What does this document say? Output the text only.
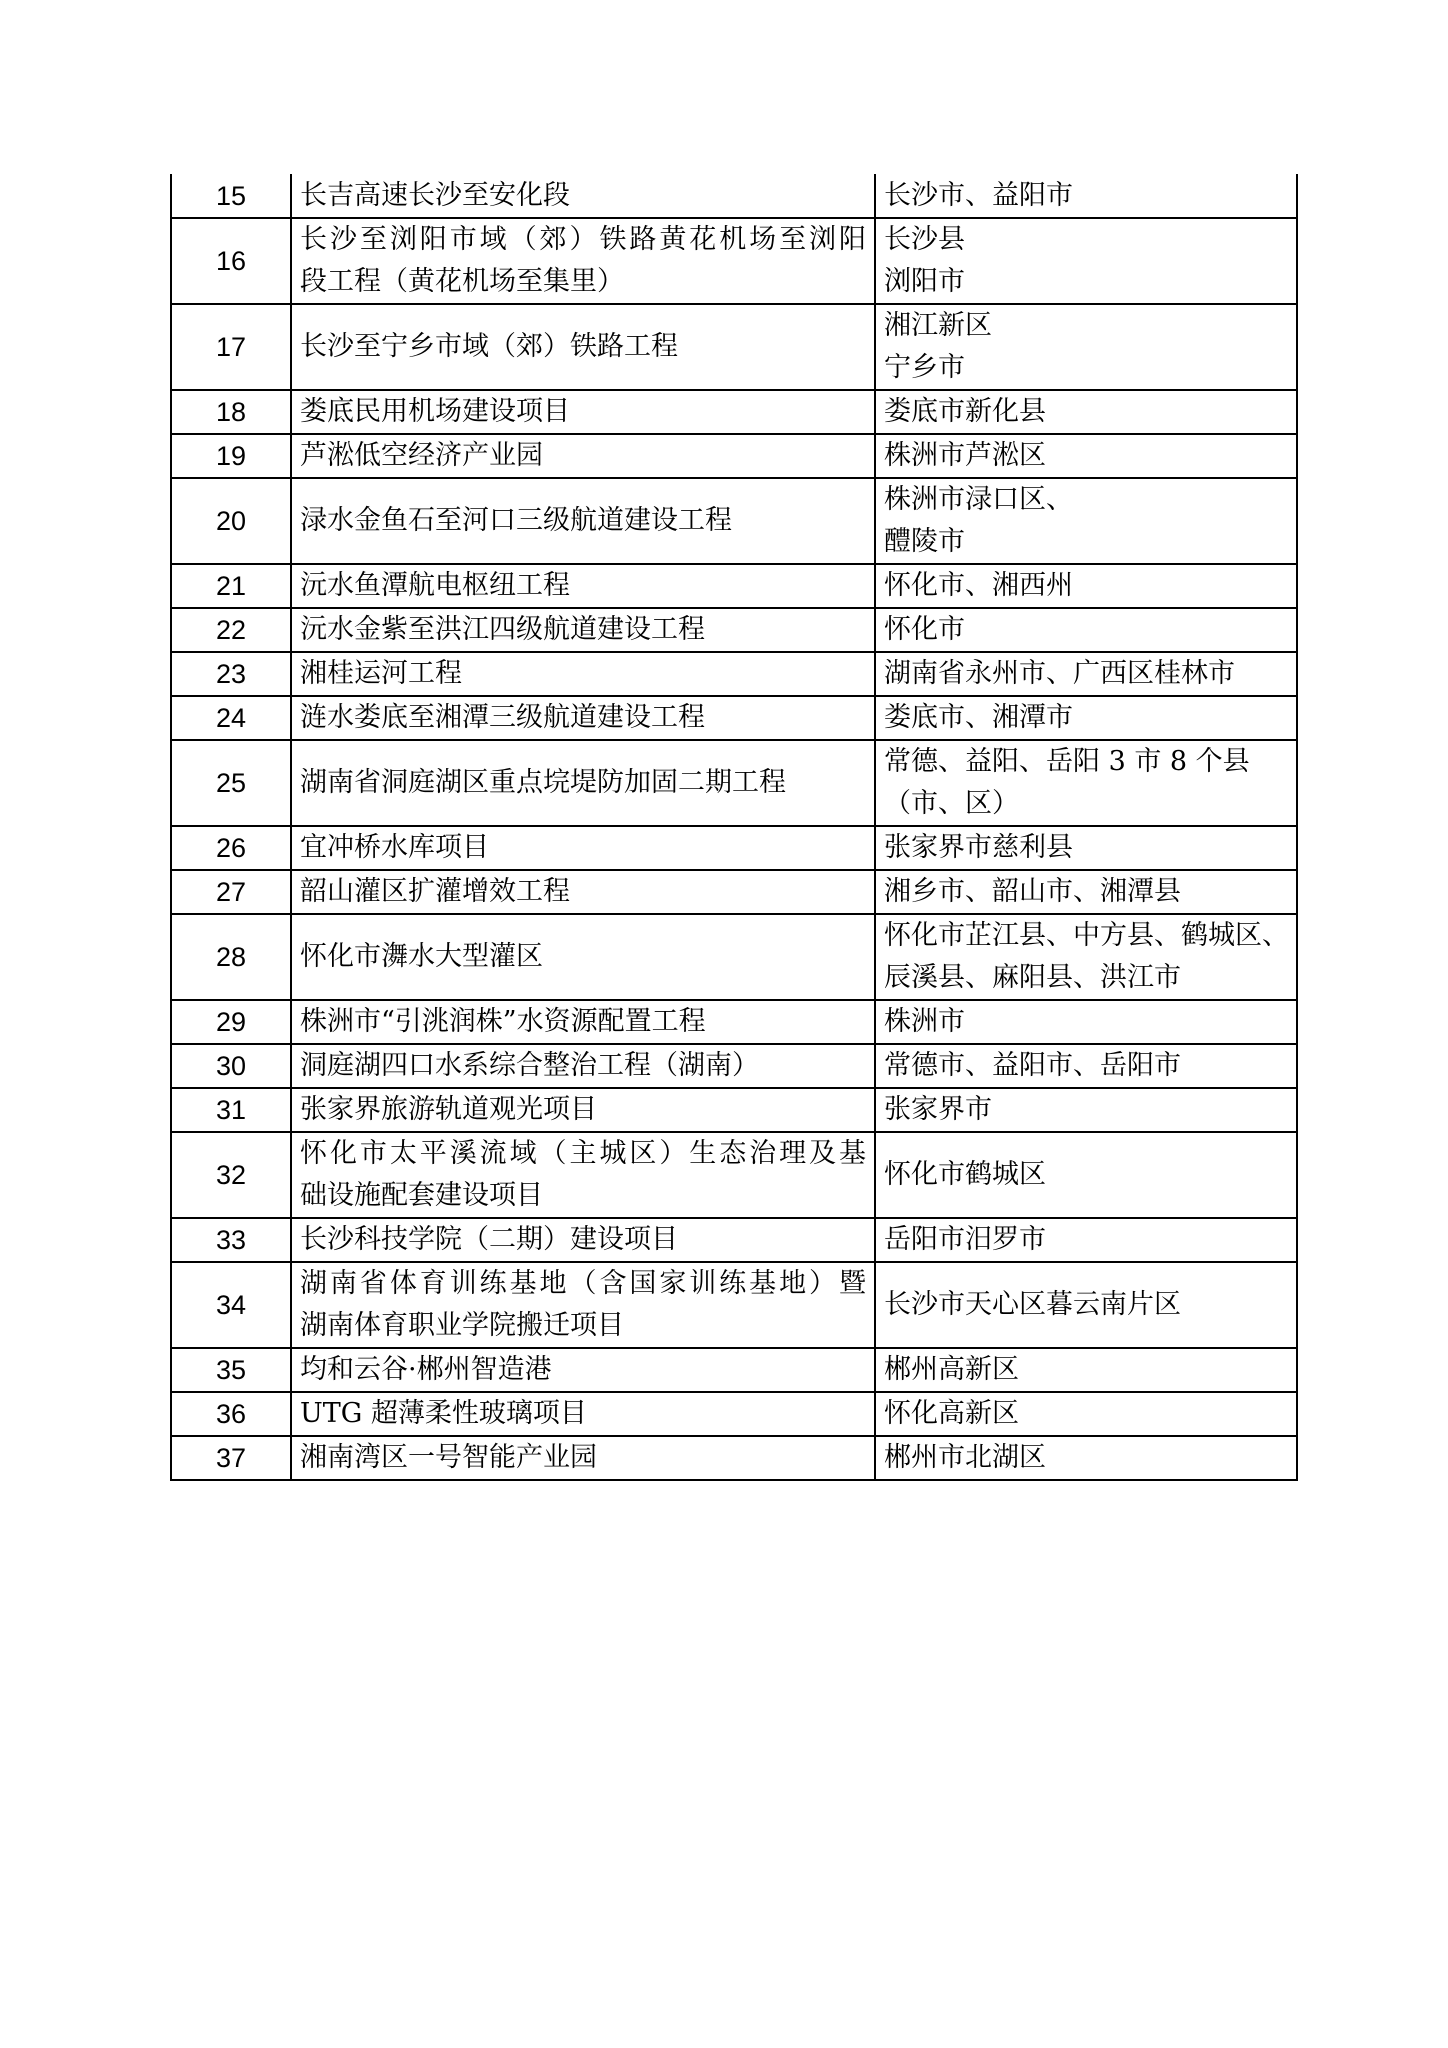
15	长吉高速长沙至安化段	长沙市、益阳市

16	长沙至浏阳市域（郊）铁路黄花机场至浏阳
段工程（黄花机场至集里）	长沙县
浏阳市

17	长沙至宁乡市域（郊）铁路工程	湘江新区
宁乡市

18	娄底民用机场建设项目	娄底市新化县

19	芦淞低空经济产业园	株洲市芦淞区

20	渌水金鱼石至河口三级航道建设工程	株洲市渌口区、
醴陵市

21	沅水鱼潭航电枢纽工程	怀化市、湘西州

22	沅水金紫至洪江四级航道建设工程	怀化市

23	湘桂运河工程	湖南省永州市、广西区桂林市

24	涟水娄底至湘潭三级航道建设工程	娄底市、湘潭市

25	湖南省洞庭湖区重点垸堤防加固二期工程	常德、益阳、岳阳 3 市 8 个县
（市、区）

26	宜冲桥水库项目	张家界市慈利县

27	韶山灌区扩灌增效工程	湘乡市、韶山市、湘潭县

28	怀化市㵲水大型灌区	怀化市芷江县、中方县、鹤城区、
辰溪县、麻阳县、洪江市

29	株洲市“引洮润株”水资源配置工程	株洲市

30	洞庭湖四口水系综合整治工程（湖南）	常德市、益阳市、岳阳市

31	张家界旅游轨道观光项目	张家界市

32	怀化市太平溪流域（主城区）生态治理及基
础设施配套建设项目	怀化市鹤城区

33	长沙科技学院（二期）建设项目	岳阳市汨罗市

34	湖南省体育训练基地（含国家训练基地）暨
湖南体育职业学院搬迁项目	长沙市天心区暮云南片区

35	均和云谷·郴州智造港	郴州高新区

36	UTG 超薄柔性玻璃项目	怀化高新区

37	湘南湾区一号智能产业园	郴州市北湖区
